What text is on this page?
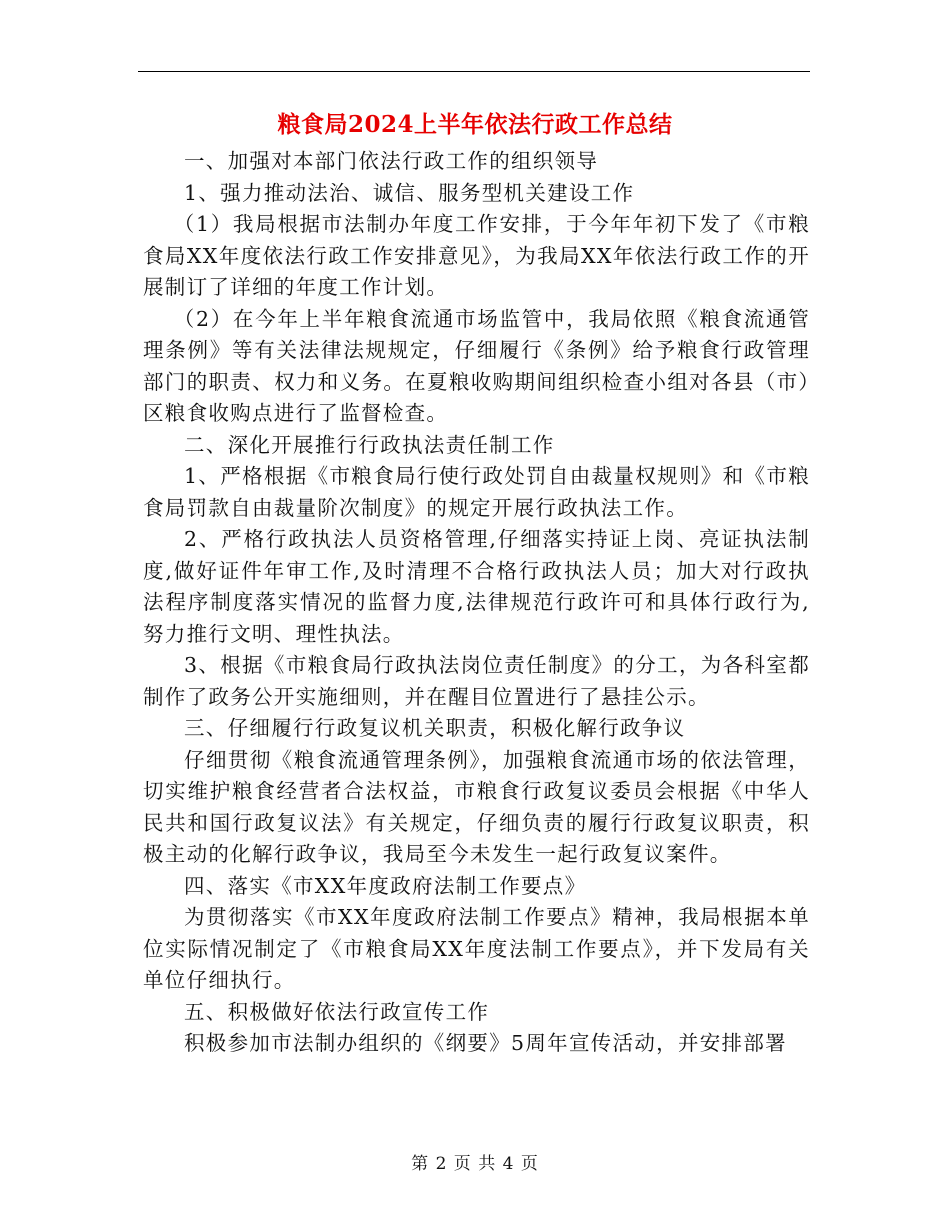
粮食局2024上半年依法行政工作总结

一、加强对本部门依法行政工作的组织领导

1、强力推动法治、诚信、服务型机关建设工作

（1）我局根据市法制办年度工作安排，于今年年初下发了《市粮食局XX年度依法行政工作安排意见》，为我局XX年依法行政工作的开展制订了详细的年度工作计划。

（2）在今年上半年粮食流通市场监管中，我局依照《粮食流通管理条例》等有关法律法规规定，仔细履行《条例》给予粮食行政管理部门的职责、权力和义务。在夏粮收购期间组织检查小组对各县（市）区粮食收购点进行了监督检查。

二、深化开展推行行政执法责任制工作

1、严格根据《市粮食局行使行政处罚自由裁量权规则》和《市粮食局罚款自由裁量阶次制度》的规定开展行政执法工作。

2、严格行政执法人员资格管理,仔细落实持证上岗、亮证执法制度,做好证件年审工作,及时清理不合格行政执法人员；加大对行政执法程序制度落实情况的监督力度,法律规范行政许可和具体行政行为,努力推行文明、理性执法。

3、根据《市粮食局行政执法岗位责任制度》的分工，为各科室都制作了政务公开实施细则，并在醒目位置进行了悬挂公示。

三、仔细履行行政复议机关职责，积极化解行政争议

仔细贯彻《粮食流通管理条例》，加强粮食流通市场的依法管理，切实维护粮食经营者合法权益，市粮食行政复议委员会根据《中华人民共和国行政复议法》有关规定，仔细负责的履行行政复议职责，积极主动的化解行政争议，我局至今未发生一起行政复议案件。

四、落实《市XX年度政府法制工作要点》

为贯彻落实《市XX年度政府法制工作要点》精神，我局根据本单位实际情况制定了《市粮食局XX年度法制工作要点》，并下发局有关单位仔细执行。

五、积极做好依法行政宣传工作

积极参加市法制办组织的《纲要》5周年宣传活动，并安排部署

第 2 页 共 4 页
